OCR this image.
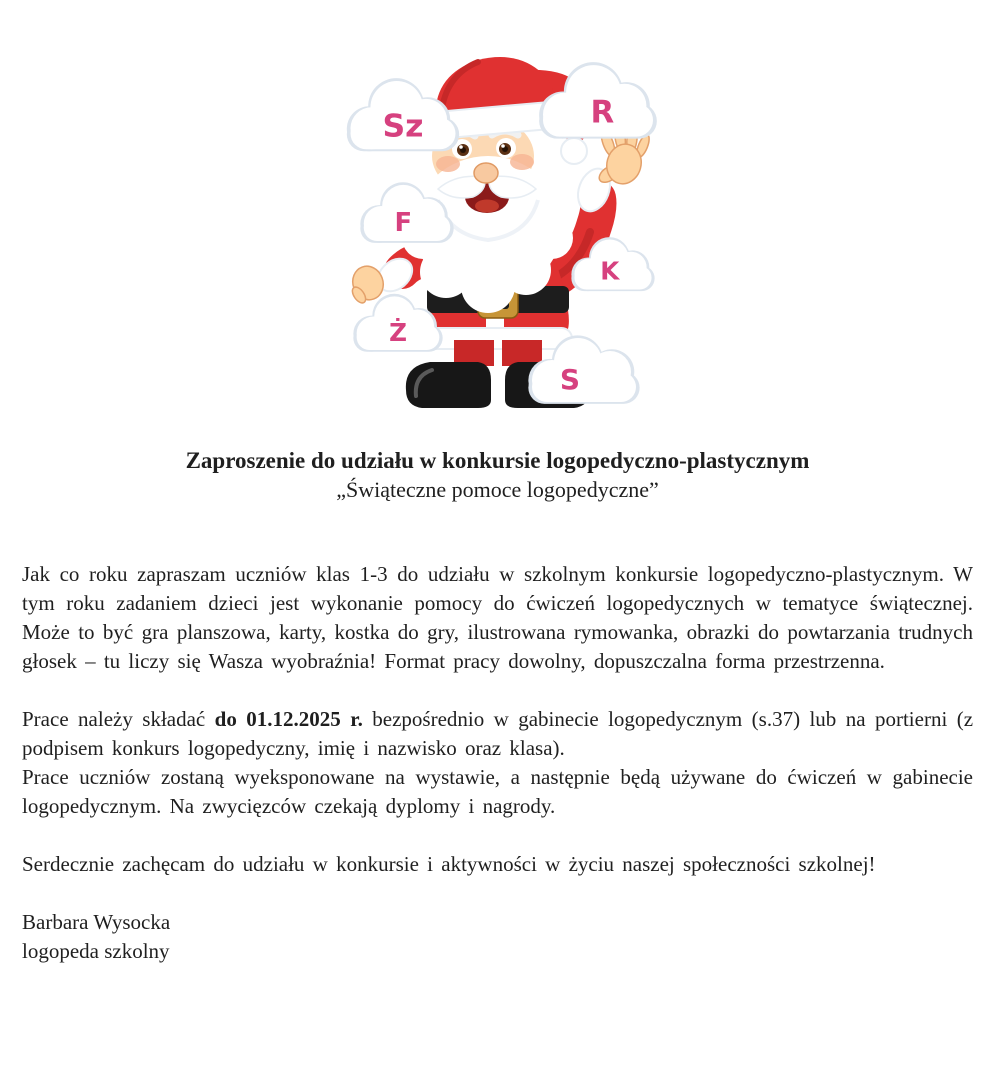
Sz	R
F
K
Ż
S
Zaproszenie do udziału w konkursie logopedyczno-plastycznym
„Świąteczne pomoce logopedyczne”

Jak co roku zapraszam uczniów klas 1-3 do udziału w szkolnym konkursie logopedyczno-plastycznym. W tym roku zadaniem dzieci jest wykonanie pomocy do ćwiczeń logopedycznych w tematyce świątecznej. Może to być gra planszowa, karty, kostka do gry, ilustrowana rymowanka, obrazki do powtarzania trudnych głosek – tu liczy się Wasza wyobraźnia! Format pracy dowolny, dopuszczalna forma przestrzenna.

Prace należy składać do 01.12.2025 r. bezpośrednio w gabinecie logopedycznym (s.37) lub na portierni (z podpisem konkurs logopedyczny, imię i nazwisko oraz klasa).

Prace uczniów zostaną wyeksponowane na wystawie, a następnie będą używane do ćwiczeń w gabinecie logopedycznym. Na zwycięzców czekają dyplomy i nagrody.

Serdecznie zachęcam do udziału w konkursie i aktywności w życiu naszej społeczności szkolnej!

Barbara Wysocka
logopeda szkolny
